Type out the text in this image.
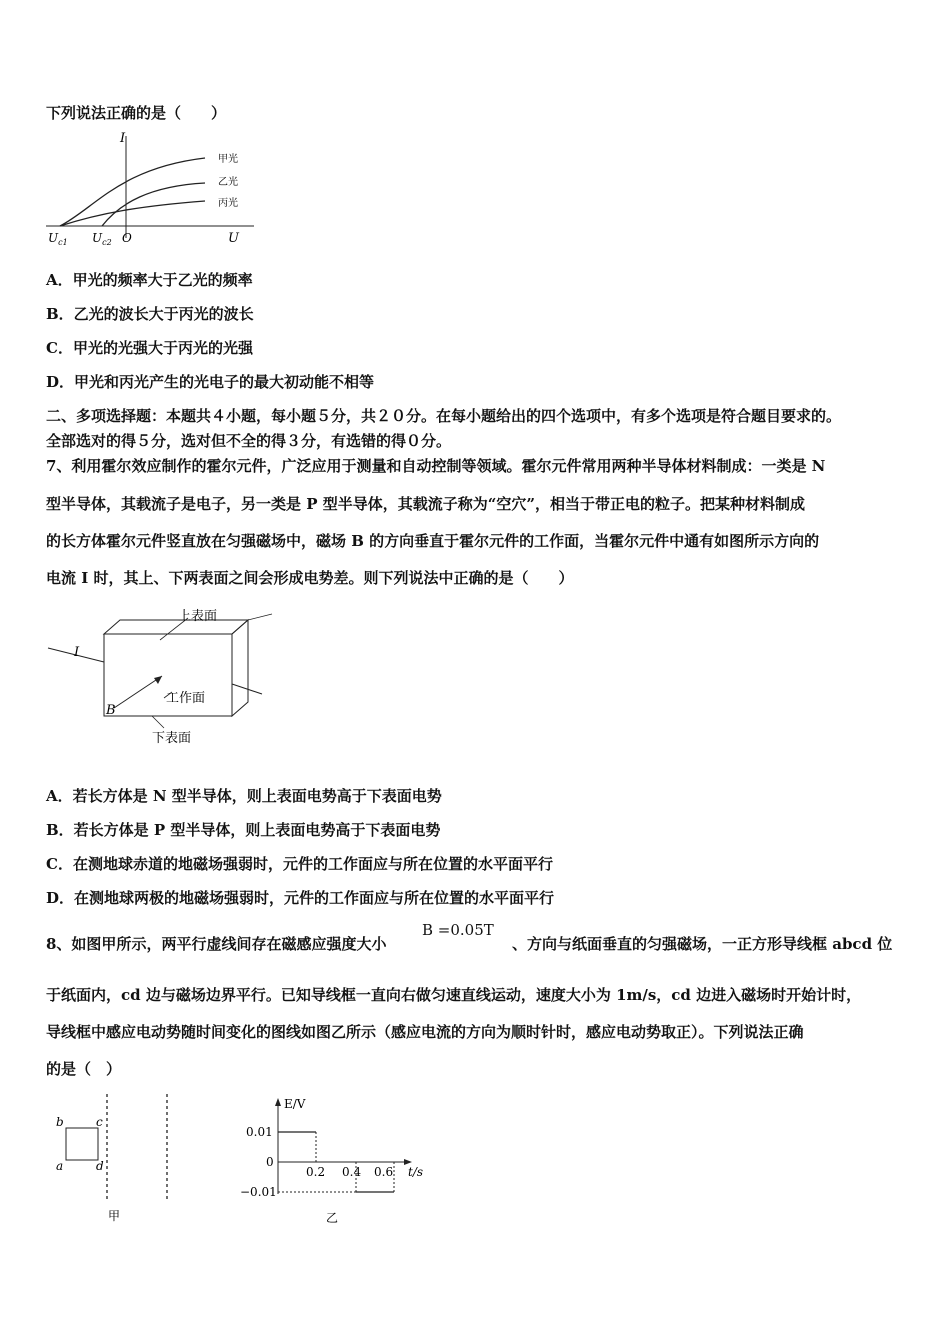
下列说法正确的是（　　）
I
U
O
$U_{c1}$ $U_{c2}$
甲光
乙光
丙光
A．甲光的频率大于乙光的频率
B．乙光的波长大于丙光的波长
C．甲光的光强大于丙光的光强
D．甲光和丙光产生的光电子的最大初动能不相等
二、多项选择题：本题共４小题，每小题５分，共２０分。在每小题给出的四个选项中，有多个选项是符合题目要求的。
全部选对的得５分，选对但不全的得３分，有选错的得０分。
7、利用霍尔效应制作的霍尔元件，广泛应用于测量和自动控制等领域。霍尔元件常用两种半导体材料制成：一类是 N
型半导体，其载流子是电子，另一类是 P 型半导体，其载流子称为“空穴”，相当于带正电的粒子。把某种材料制成
的长方体霍尔元件竖直放在匀强磁场中，磁场 B 的方向垂直于霍尔元件的工作面，当霍尔元件中通有如图所示方向的
电流 I 时，其上、下两表面之间会形成电势差。则下列说法中正确的是（　　）
上表面
工作面
下表面
I
B
A．若长方体是 N 型半导体，则上表面电势高于下表面电势
B．若长方体是 P 型半导体，则上表面电势高于下表面电势
C．在测地球赤道的地磁场强弱时，元件的工作面应与所在位置的水平面平行
D．在测地球两极的地磁场强弱时，元件的工作面应与所在位置的水平面平行
8、如图甲所示，两平行虚线间存在磁感应强度大小
B =0.05T
、方向与纸面垂直的匀强磁场，一正方形导线框 abcd 位
于纸面内，cd 边与磁场边界平行。已知导线框一直向右做匀速直线运动，速度大小为 1m/s，cd 边进入磁场时开始计时，
导线框中感应电动势随时间变化的图线如图乙所示（感应电流的方向为顺时针时，感应电动势取正）。下列说法正确
的是（　）
b	c
a	d
甲
E/V
t/s
0.01
0
−0.01
0.2 0.4 0.6
乙
